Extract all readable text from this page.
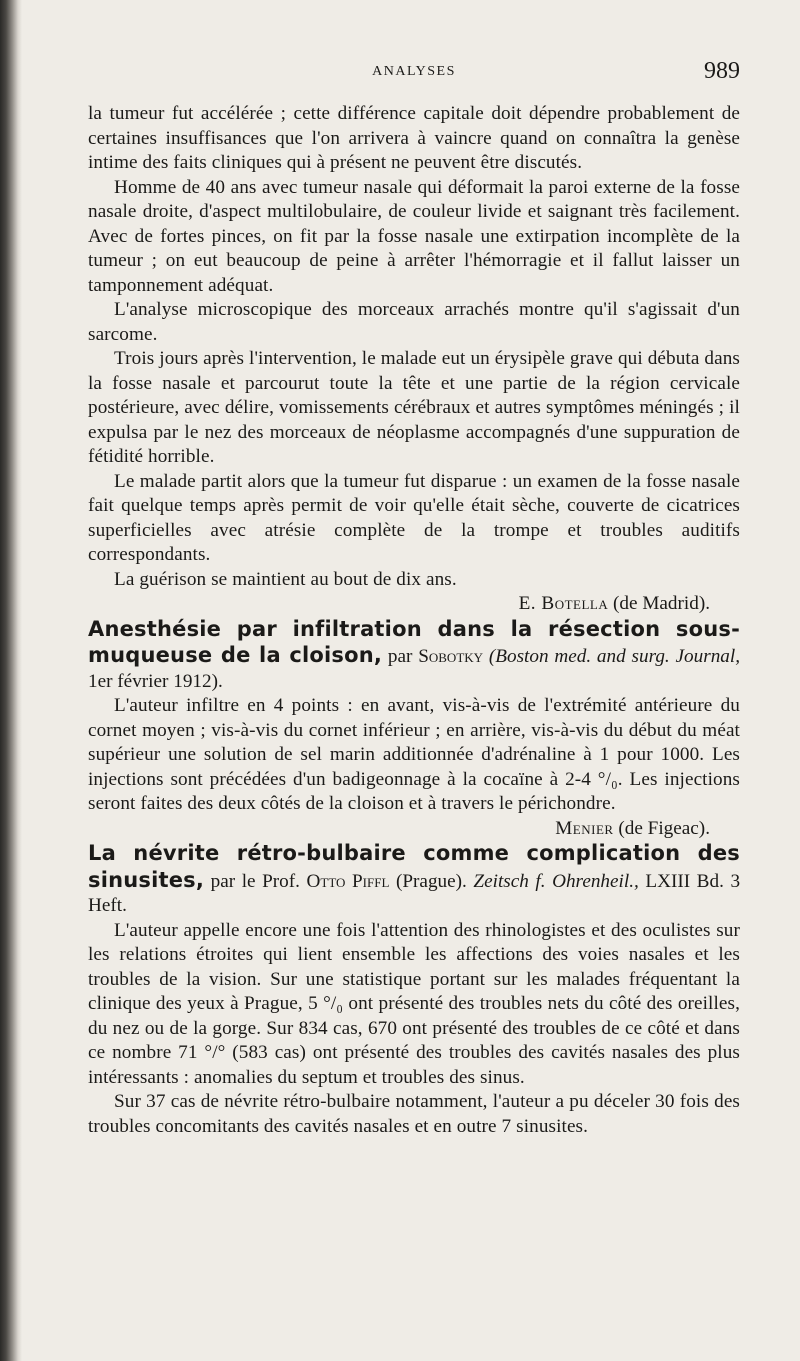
ANALYSES	989

la tumeur fut accélérée ; cette différence capitale doit dépendre probablement de certaines insuffisances que l'on arrivera à vaincre quand on connaîtra la genèse intime des faits cliniques qui à présent ne peuvent être discutés.

Homme de 40 ans avec tumeur nasale qui déformait la paroi externe de la fosse nasale droite, d'aspect multilobulaire, de couleur livide et saignant très facilement. Avec de fortes pinces, on fit par la fosse nasale une extirpation incomplète de la tumeur ; on eut beaucoup de peine à arrêter l'hémorragie et il fallut laisser un tamponnement adéquat.

L'analyse microscopique des morceaux arrachés montre qu'il s'agissait d'un sarcome.

Trois jours après l'intervention, le malade eut un érysipèle grave qui débuta dans la fosse nasale et parcourut toute la tête et une partie de la région cervicale postérieure, avec délire, vomissements cérébraux et autres symptômes méningés ; il expulsa par le nez des morceaux de néoplasme accompagnés d'une suppuration de fétidité horrible.

Le malade partit alors que la tumeur fut disparue : un examen de la fosse nasale fait quelque temps après permit de voir qu'elle était sèche, couverte de cicatrices superficielles avec atrésie complète de la trompe et troubles auditifs correspondants.

La guérison se maintient au bout de dix ans.

E. Botella (de Madrid).
Anesthésie par infiltration dans la résection sous-muqueuse de la cloison, par Sobotky (Boston med. and surg. Journal, 1er février 1912).

L'auteur infiltre en 4 points : en avant, vis-à-vis de l'extrémité antérieure du cornet moyen ; vis-à-vis du cornet inférieur ; en arrière, vis-à-vis du début du méat supérieur une solution de sel marin additionnée d'adrénaline à 1 pour 1000. Les injections sont précédées d'un badigeonnage à la cocaïne à 2-4 °/₀. Les injections seront faites des deux côtés de la cloison et à travers le périchondre.

Menier (de Figeac).
La névrite rétro-bulbaire comme complication des sinusites, par le Prof. Otto Piffl (Prague). Zeitsch f. Ohrenheil., LXIII Bd. 3 Heft.

L'auteur appelle encore une fois l'attention des rhinologistes et des oculistes sur les relations étroites qui lient ensemble les affections des voies nasales et les troubles de la vision. Sur une statistique portant sur les malades fréquentant la clinique des yeux à Prague, 5 °/₀ ont présenté des troubles nets du côté des oreilles, du nez ou de la gorge. Sur 834 cas, 670 ont présenté des troubles de ce côté et dans ce nombre 71 °/° (583 cas) ont présenté des troubles des cavités nasales des plus intéressants : anomalies du septum et troubles des sinus.

Sur 37 cas de névrite rétro-bulbaire notamment, l'auteur a pu déceler 30 fois des troubles concomitants des cavités nasales et en outre 7 sinusites.
